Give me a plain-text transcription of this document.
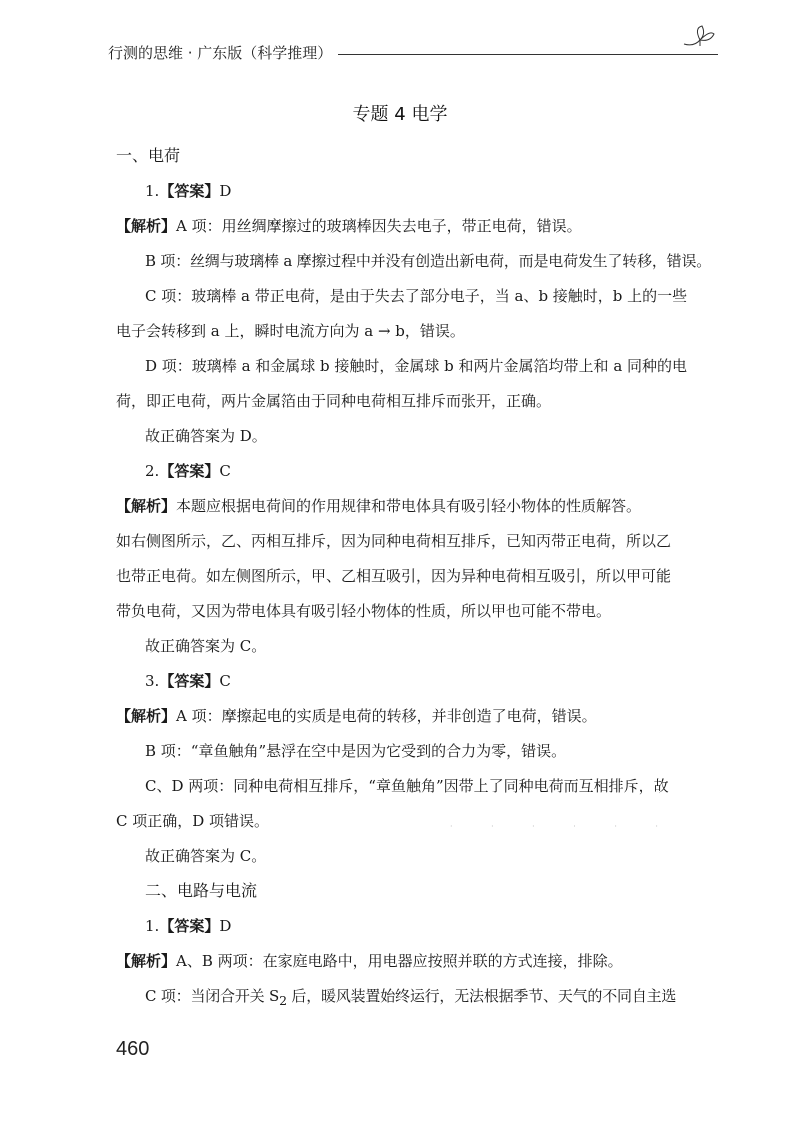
行测的思维 · 广东版（科学推理）
专题 4 电学
一、电荷
1.【答案】D
【解析】A 项：用丝绸摩擦过的玻璃棒因失去电子，带正电荷，错误。
B 项：丝绸与玻璃棒 a 摩擦过程中并没有创造出新电荷，而是电荷发生了转移，错误。
C 项：玻璃棒 a 带正电荷，是由于失去了部分电子，当 a、b 接触时，b 上的一些
电子会转移到 a 上，瞬时电流方向为 a → b，错误。
D 项：玻璃棒 a 和金属球 b 接触时，金属球 b 和两片金属箔均带上和 a 同种的电
荷，即正电荷，两片金属箔由于同种电荷相互排斥而张开，正确。
故正确答案为 D。
2.【答案】C
【解析】本题应根据电荷间的作用规律和带电体具有吸引轻小物体的性质解答。
如右侧图所示，乙、丙相互排斥，因为同种电荷相互排斥，已知丙带正电荷，所以乙
也带正电荷。如左侧图所示，甲、乙相互吸引，因为异种电荷相互吸引，所以甲可能
带负电荷，又因为带电体具有吸引轻小物体的性质，所以甲也可能不带电。
故正确答案为 C。
3.【答案】C
【解析】A 项：摩擦起电的实质是电荷的转移，并非创造了电荷，错误。
B 项：“章鱼触角”悬浮在空中是因为它受到的合力为零，错误。
C、D 两项：同种电荷相互排斥，“章鱼触角”因带上了同种电荷而互相排斥，故
C 项正确，D 项错误。
故正确答案为 C。
二、电路与电流
1.【答案】D
【解析】A、B 两项：在家庭电路中，用电器应按照并联的方式连接，排除。
C 项：当闭合开关 $S_2$ 后，暖风装置始终运行，无法根据季节、天气的不同自主选
· · · · · ·
460
